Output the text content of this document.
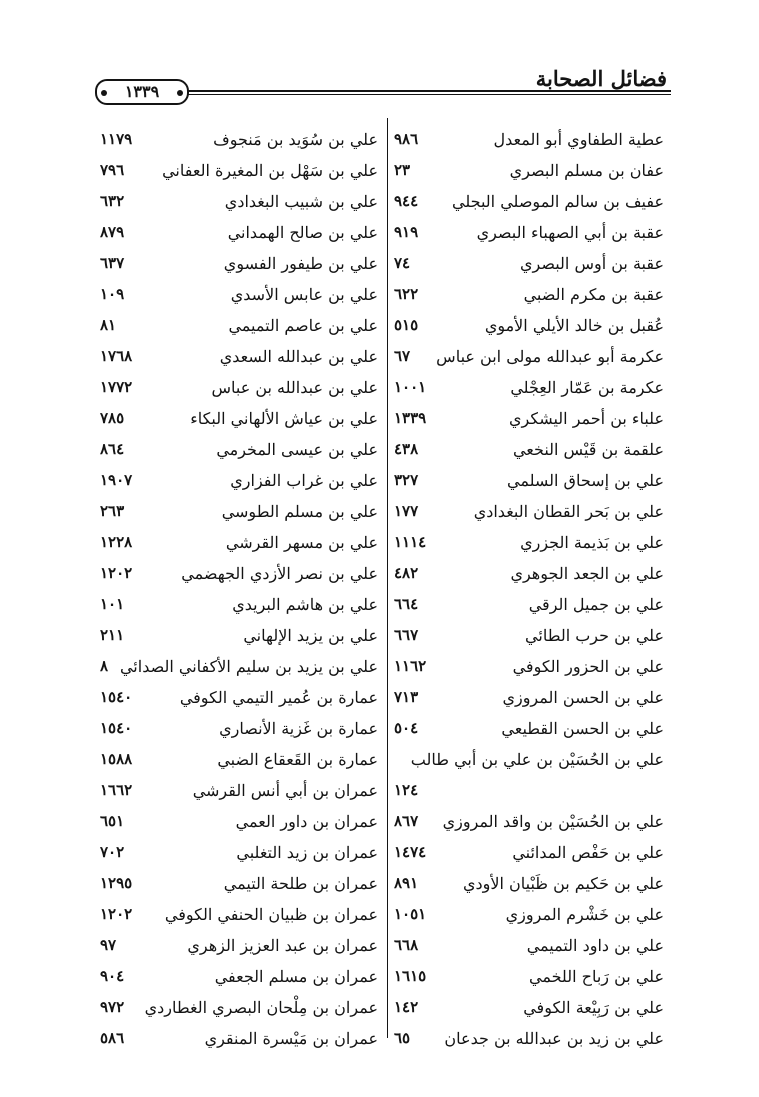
فضائل الصحابة
١٣٣٩
عطية الطفاوي أبو المعدل
٩٨٦
عفان بن مسلم البصري
٢٣
عفيف بن سالم الموصلي البجلي
٩٤٤
عقبة بن أبي الصهباء البصري
٩١٩
عقبة بن أوس البصري
٧٤
عقبة بن مكرم الضبي
٦٢٢
عُقبل بن خالد الأيلي الأموي
٥١٥
عكرمة أبو عبدالله مولى ابن عباس
٦٧
عكرمة بن عَمّار العِجْلي
١٠٠١
علباء بن أحمر اليشكري
١٣٣٩
علقمة بن قَيْس النخعي
٤٣٨
علي بن إسحاق السلمي
٣٢٧
علي بن بَحر القطان البغدادي
١٧٧
علي بن بَذيمة الجزري
١١١٤
علي بن الجعد الجوهري
٤٨٢
علي بن جميل الرقي
٦٦٤
علي بن حرب الطائي
٦٦٧
علي بن الحزور الكوفي
١١٦٢
علي بن الحسن المروزي
٧١٣
علي بن الحسن القطيعي
٥٠٤
علي بن الحُسَيْن بن علي بن أبي طالب
١٢٤
علي بن الحُسَيْن بن واقد المروزي
٨٦٧
علي بن حَفْص المدائني
١٤٧٤
علي بن حَكيم بن ظَبْيان الأودي
٨٩١
علي بن خَشْرم المروزي
١٠٥١
علي بن داود التميمي
٦٦٨
علي بن رَباح اللخمي
١٦١٥
علي بن رَبِيْعة الكوفي
١٤٢
علي بن زيد بن عبدالله بن جدعان
٦٥
علي بن سُوَيد بن مَنجوف
١١٧٩
علي بن سَهْل بن المغيرة العفاني
٧٩٦
علي بن شبيب البغدادي
٦٣٢
علي بن صالح الهمداني
٨٧٩
علي بن طيفور الفسوي
٦٣٧
علي بن عابس الأسدي
١٠٩
علي بن عاصم التميمي
٨١
علي بن عبدالله السعدي
١٧٦٨
علي بن عبدالله بن عباس
١٧٧٢
علي بن عياش الألهاني البكاء
٧٨٥
علي بن عيسى المخرمي
٨٦٤
علي بن غراب الفزاري
١٩٠٧
علي بن مسلم الطوسي
٢٦٣
علي بن مسهر القرشي
١٢٢٨
علي بن نصر الأزدي الجهضمي
١٢٠٢
علي بن هاشم البريدي
١٠١
علي بن يزيد الإلهاني
٢١١
علي بن يزيد بن سليم الأكفاني الصدائي
٨
عمارة بن عُمير التيمي الكوفي
١٥٤٠
عمارة بن غَزية الأنصاري
١٥٤٠
عمارة بن القَعقاع الضبي
١٥٨٨
عمران بن أبي أنس القرشي
١٦٦٢
عمران بن داور العمي
٦٥١
عمران بن زيد التغلبي
٧٠٢
عمران بن طلحة التيمي
١٢٩٥
عمران بن ظبيان الحنفي الكوفي
١٢٠٢
عمران بن عبد العزيز الزهري
٩٧
عمران بن مسلم الجعفي
٩٠٤
عمران بن مِلْحان البصري الغطاردي
٩٧٢
عمران بن مَيْسرة المنقري
٥٨٦
